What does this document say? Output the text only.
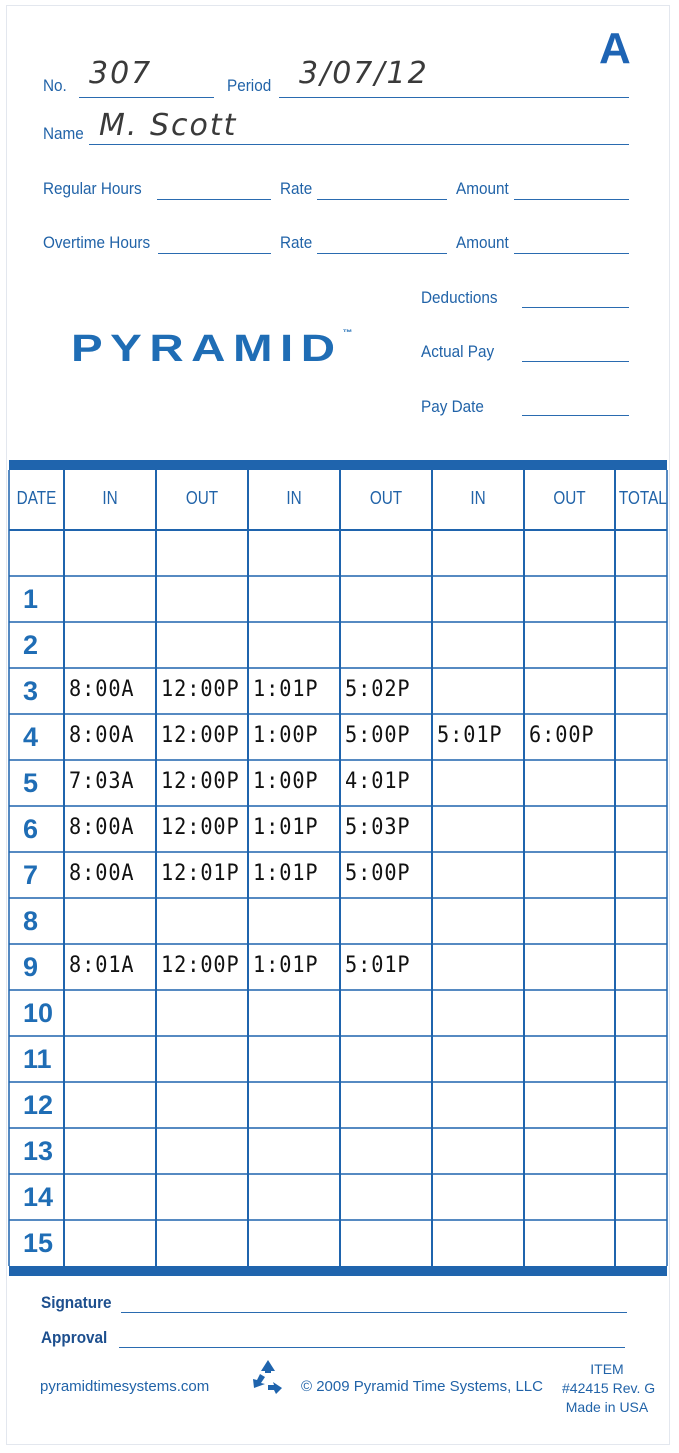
A
No. 307	Period 3/07/12
Name M. Scott
Regular Hours	Rate	Amount
Overtime Hours	Rate	Amount
Deductions
Actual Pay
Pay Date
PYRAMID™
DATE	IN	OUT	IN	OUT	IN	OUT	TOTAL
1
2
3 8:00A 12:00P 1:01P 5:02P
4 8:00A 12:00P 1:00P 5:00P 5:01P 6:00P
5 7:03A 12:00P 1:00P 4:01P
6 8:00A 12:00P 1:01P 5:03P
7 8:00A 12:01P 1:01P 5:00P
8
9 8:01A 12:00P 1:01P 5:01P
10
11
12
13
14
15
Signature
Approval
pyramidtimesystems.com	© 2009 Pyramid Time Systems, LLC
ITEM
#42415 Rev. G
Made in USA
